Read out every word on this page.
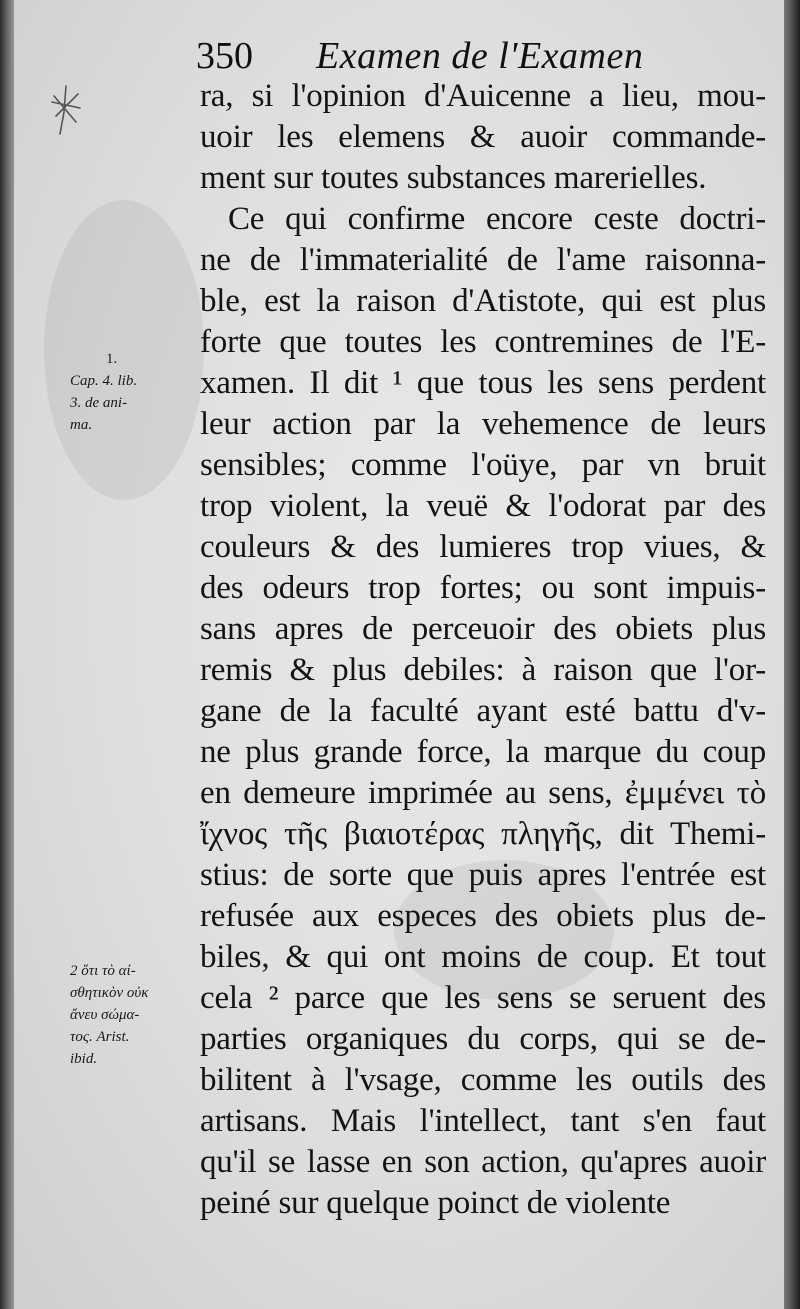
350 Examen de l'Examen
ra, si l'opinion d'Auicenne a lieu, mou-
uoir les elemens & auoir commande-
ment sur toutes substances marerielles.
Ce qui confirme encore ceste doctri-
ne de l'immaterialité de l'ame raisonna-
ble, est la raison d'Atistote, qui est plus
forte que toutes les contremines de l'E-
xamen. Il dit ¹ que tous les sens perdent
leur action par la vehemence de leurs
sensibles; comme l'oüye, par vn bruit
trop violent, la veuë & l'odorat par des
couleurs & des lumieres trop viues, &
des odeurs trop fortes; ou sont impuis-
sans apres de perceuoir des obiets plus
remis & plus debiles: à raison que l'or-
gane de la faculté ayant esté battu d'v-
ne plus grande force, la marque du coup
en demeure imprimée au sens, ἐμμένει τὸ
ἴχνος τῆς βιαιοτέρας πληγῆς, dit Themi-
stius: de sorte que puis apres l'entrée est
refusée aux especes des obiets plus de-
biles, & qui ont moins de coup. Et tout
cela ² parce que les sens se seruent des
parties organiques du corps, qui se de-
bilitent à l'vsage, comme les outils des
artisans. Mais l'intellect, tant s'en faut
qu'il se lasse en son action, qu'apres auoir
peiné sur quelque poinct de violente
1.
Cap. 4. lib.
3. de ani-
ma.
2 ὅτι τὸ αἰ-
σθητικὸν οὐκ
ἄνευ σώμα-
τος. Arist.
ibid.
